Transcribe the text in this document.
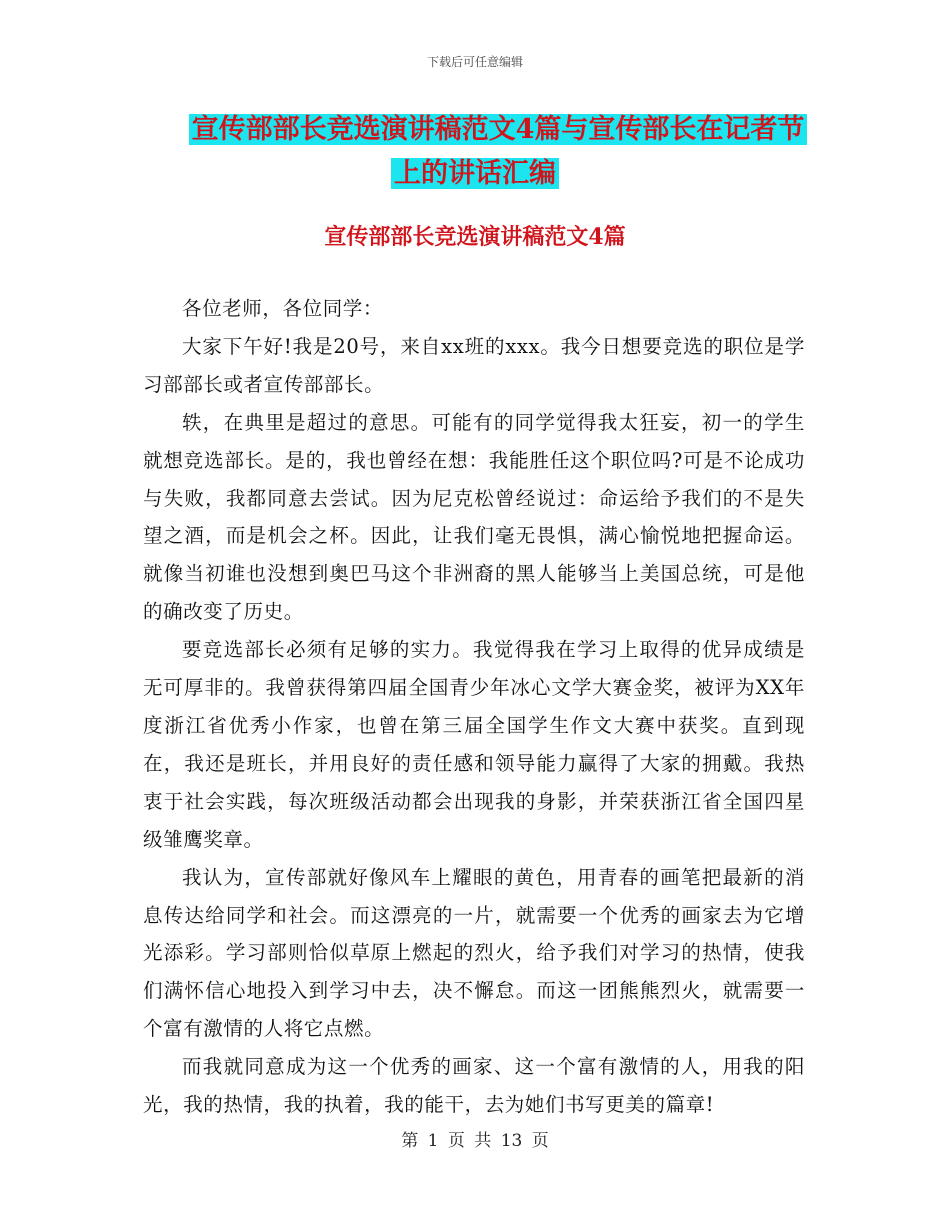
下载后可任意编辑
宣传部部长竞选演讲稿范文4篇与宣传部长在记者节
上的讲话汇编
宣传部部长竞选演讲稿范文4篇

各位老师，各位同学：

大家下午好!我是20号，来自xx班的xxx。我今日想要竞选的职位是学习部部长或者宣传部部长。

轶，在典里是超过的意思。可能有的同学觉得我太狂妄，初一的学生就想竞选部长。是的，我也曾经在想：我能胜任这个职位吗?可是不论成功与失败，我都同意去尝试。因为尼克松曾经说过：命运给予我们的不是失望之酒，而是机会之杯。因此，让我们毫无畏惧，满心愉悦地把握命运。就像当初谁也没想到奥巴马这个非洲裔的黑人能够当上美国总统，可是他的确改变了历史。

要竞选部长必须有足够的实力。我觉得我在学习上取得的优异成绩是无可厚非的。我曾获得第四届全国青少年冰心文学大赛金奖，被评为XX年度浙江省优秀小作家，也曾在第三届全国学生作文大赛中获奖。直到现在，我还是班长，并用良好的责任感和领导能力赢得了大家的拥戴。我热衷于社会实践，每次班级活动都会出现我的身影，并荣获浙江省全国四星级雏鹰奖章。

我认为，宣传部就好像风车上耀眼的黄色，用青春的画笔把最新的消息传达给同学和社会。而这漂亮的一片，就需要一个优秀的画家去为它增光添彩。学习部则恰似草原上燃起的烈火，给予我们对学习的热情，使我们满怀信心地投入到学习中去，决不懈怠。而这一团熊熊烈火，就需要一个富有激情的人将它点燃。

而我就同意成为这一个优秀的画家、这一个富有激情的人，用我的阳光，我的热情，我的执着，我的能干，去为她们书写更美的篇章!

第 1 页 共 13 页
